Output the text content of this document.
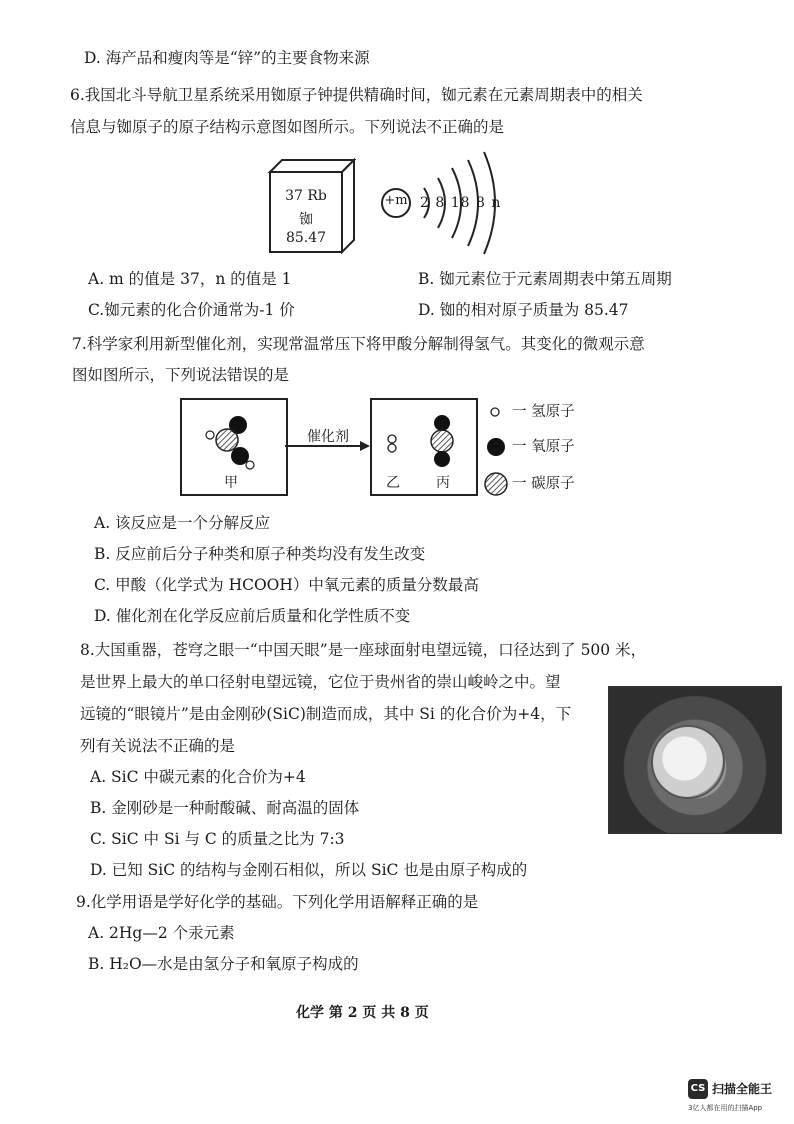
D. 海产品和瘦肉等是“锌”的主要食物来源
6.我国北斗导航卫星系统采用铷原子钟提供精确时间，铷元素在元素周期表中的相关
信息与铷原子的原子结构示意图如图所示。下列说法不正确的是
37 Rb
铷
85.47
+m 2 8 18 8 n
A. m 的值是 37，n 的值是 1	B. 铷元素位于元素周期表中第五周期
C.铷元素的化合价通常为-1 价	D. 铷的相对原子质量为 85.47
7.科学家利用新型催化剂，实现常温常压下将甲酸分解制得氢气。其变化的微观示意
图如图所示，下列说法错误的是
催化剂
甲	乙	丙
一 氢原子
一 氧原子
一 碳原子
A. 该反应是一个分解反应
B. 反应前后分子种类和原子种类均没有发生改变
C. 甲酸（化学式为 HCOOH）中氧元素的质量分数最高
D. 催化剂在化学反应前后质量和化学性质不变
8.大国重器，苍穹之眼一“中国天眼”是一座球面射电望远镜，口径达到了 500 米，
是世界上最大的单口径射电望远镜，它位于贵州省的崇山峻岭之中。望
远镜的“眼镜片”是由金刚砂(SiC)制造而成，其中 Si 的化合价为+4，下
列有关说法不正确的是
A. SiC 中碳元素的化合价为+4
B. 金刚砂是一种耐酸碱、耐高温的固体
C. SiC 中 Si 与 C 的质量之比为 7:3
D. 已知 SiC 的结构与金刚石相似，所以 SiC 也是由原子构成的
9.化学用语是学好化学的基础。下列化学用语解释正确的是
A. 2Hg—2 个汞元素
B. H₂O—水是由氢分子和氧原子构成的
化学 第 2 页 共 8 页
CS 扫描全能王
3亿人都在用的扫描App
